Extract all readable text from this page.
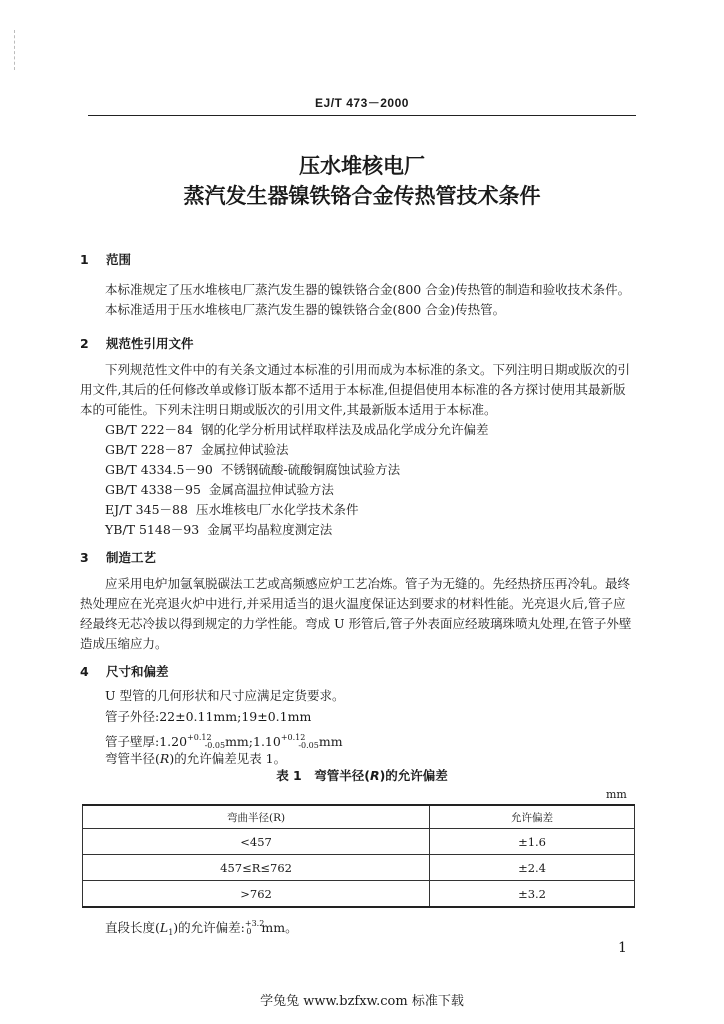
EJ/T 473－2000
压水堆核电厂
蒸汽发生器镍铁铬合金传热管技术条件
1 范围
本标准规定了压水堆核电厂蒸汽发生器的镍铁铬合金(800 合金)传热管的制造和验收技术条件。
本标准适用于压水堆核电厂蒸汽发生器的镍铁铬合金(800 合金)传热管。
2 规范性引用文件
下列规范性文件中的有关条文通过本标准的引用而成为本标准的条文。下列注明日期或版次的引
用文件,其后的任何修改单或修订版本都不适用于本标准,但提倡使用本标准的各方探讨使用其最新版
本的可能性。下列未注明日期或版次的引用文件,其最新版本适用于本标准。
GB/T 222－84 钢的化学分析用试样取样法及成品化学成分允许偏差
GB/T 228－87 金属拉伸试验法
GB/T 4334.5－90 不锈钢硫酸-硫酸铜腐蚀试验方法
GB/T 4338－95 金属高温拉伸试验方法
EJ/T 345－88 压水堆核电厂水化学技术条件
YB/T 5148－93 金属平均晶粒度测定法
3 制造工艺
应采用电炉加氩氧脱碳法工艺或高频感应炉工艺冶炼。管子为无缝的。先经热挤压再冷轧。最终
热处理应在光亮退火炉中进行,并采用适当的退火温度保证达到要求的材料性能。光亮退火后,管子应
经最终无芯冷拔以得到规定的力学性能。弯成 U 形管后,管子外表面应经玻璃珠喷丸处理,在管子外壁
造成压缩应力。
4 尺寸和偏差
U 型管的几何形状和尺寸应满足定货要求。
管子外径:22±0.11mm;19±0.1mm
管子壁厚$:1.20^{+0.12}_{-0.05}mm;1.10^{+0.12}_{-0.05}mm$
弯管半径(R)的允许偏差见表 1。
表 1　弯管半径(R)的允许偏差
mm
弯曲半径(R)	允许偏差
<457	±1.6
457≤R≤762	±2.4
>762	±3.2
直段长度$(L_1)$的允许偏差:$^{+3.2}_0$ mm。
1
学兔兔 www.bzfxw.com 标准下载
